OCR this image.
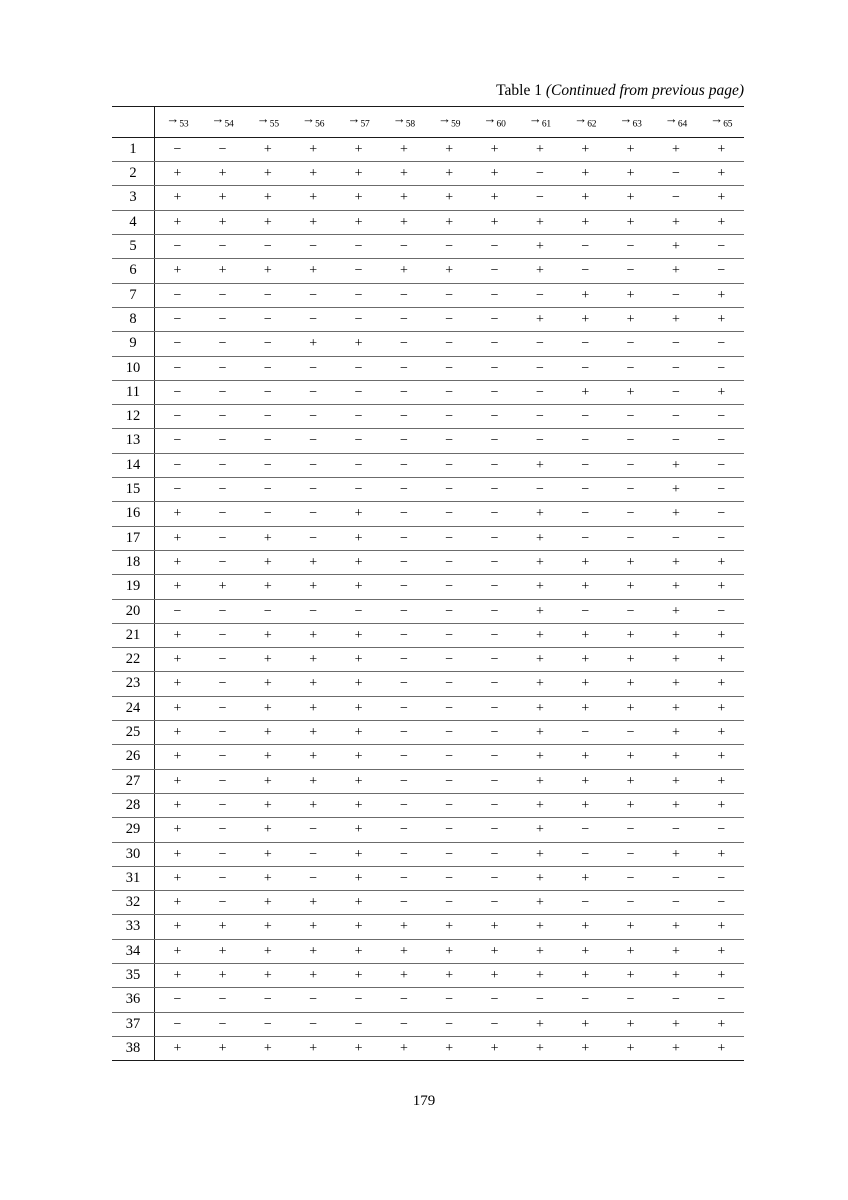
Table 1 (Continued from previous page)
	$\to_{53}$	$\to_{54}$	$\to_{55}$	$\to_{56}$	$\to_{57}$	$\to_{58}$	$\to_{59}$	$\to_{60}$	$\to_{61}$	$\to_{62}$	$\to_{63}$	$\to_{64}$	$\to_{65}$
1	−	−	+	+	+	+	+	+	+	+	+	+	+
2	+	+	+	+	+	+	+	+	−	+	+	−	+
3	+	+	+	+	+	+	+	+	−	+	+	−	+
4	+	+	+	+	+	+	+	+	+	+	+	+	+
5	−	−	−	−	−	−	−	−	+	−	−	+	−
6	+	+	+	+	−	+	+	−	+	−	−	+	−
7	−	−	−	−	−	−	−	−	−	+	+	−	+
8	−	−	−	−	−	−	−	−	+	+	+	+	+
9	−	−	−	+	+	−	−	−	−	−	−	−	−
10	−	−	−	−	−	−	−	−	−	−	−	−	−
11	−	−	−	−	−	−	−	−	−	+	+	−	+
12	−	−	−	−	−	−	−	−	−	−	−	−	−
13	−	−	−	−	−	−	−	−	−	−	−	−	−
14	−	−	−	−	−	−	−	−	+	−	−	+	−
15	−	−	−	−	−	−	−	−	−	−	−	+	−
16	+	−	−	−	+	−	−	−	+	−	−	+	−
17	+	−	+	−	+	−	−	−	+	−	−	−	−
18	+	−	+	+	+	−	−	−	+	+	+	+	+
19	+	+	+	+	+	−	−	−	+	+	+	+	+
20	−	−	−	−	−	−	−	−	+	−	−	+	−
21	+	−	+	+	+	−	−	−	+	+	+	+	+
22	+	−	+	+	+	−	−	−	+	+	+	+	+
23	+	−	+	+	+	−	−	−	+	+	+	+	+
24	+	−	+	+	+	−	−	−	+	+	+	+	+
25	+	−	+	+	+	−	−	−	+	−	−	+	+
26	+	−	+	+	+	−	−	−	+	+	+	+	+
27	+	−	+	+	+	−	−	−	+	+	+	+	+
28	+	−	+	+	+	−	−	−	+	+	+	+	+
29	+	−	+	−	+	−	−	−	+	−	−	−	−
30	+	−	+	−	+	−	−	−	+	−	−	+	+
31	+	−	+	−	+	−	−	−	+	+	−	−	−
32	+	−	+	+	+	−	−	−	+	−	−	−	−
33	+	+	+	+	+	+	+	+	+	+	+	+	+
34	+	+	+	+	+	+	+	+	+	+	+	+	+
35	+	+	+	+	+	+	+	+	+	+	+	+	+
36	−	−	−	−	−	−	−	−	−	−	−	−	−
37	−	−	−	−	−	−	−	−	+	+	+	+	+
38	+	+	+	+	+	+	+	+	+	+	+	+	+
179
